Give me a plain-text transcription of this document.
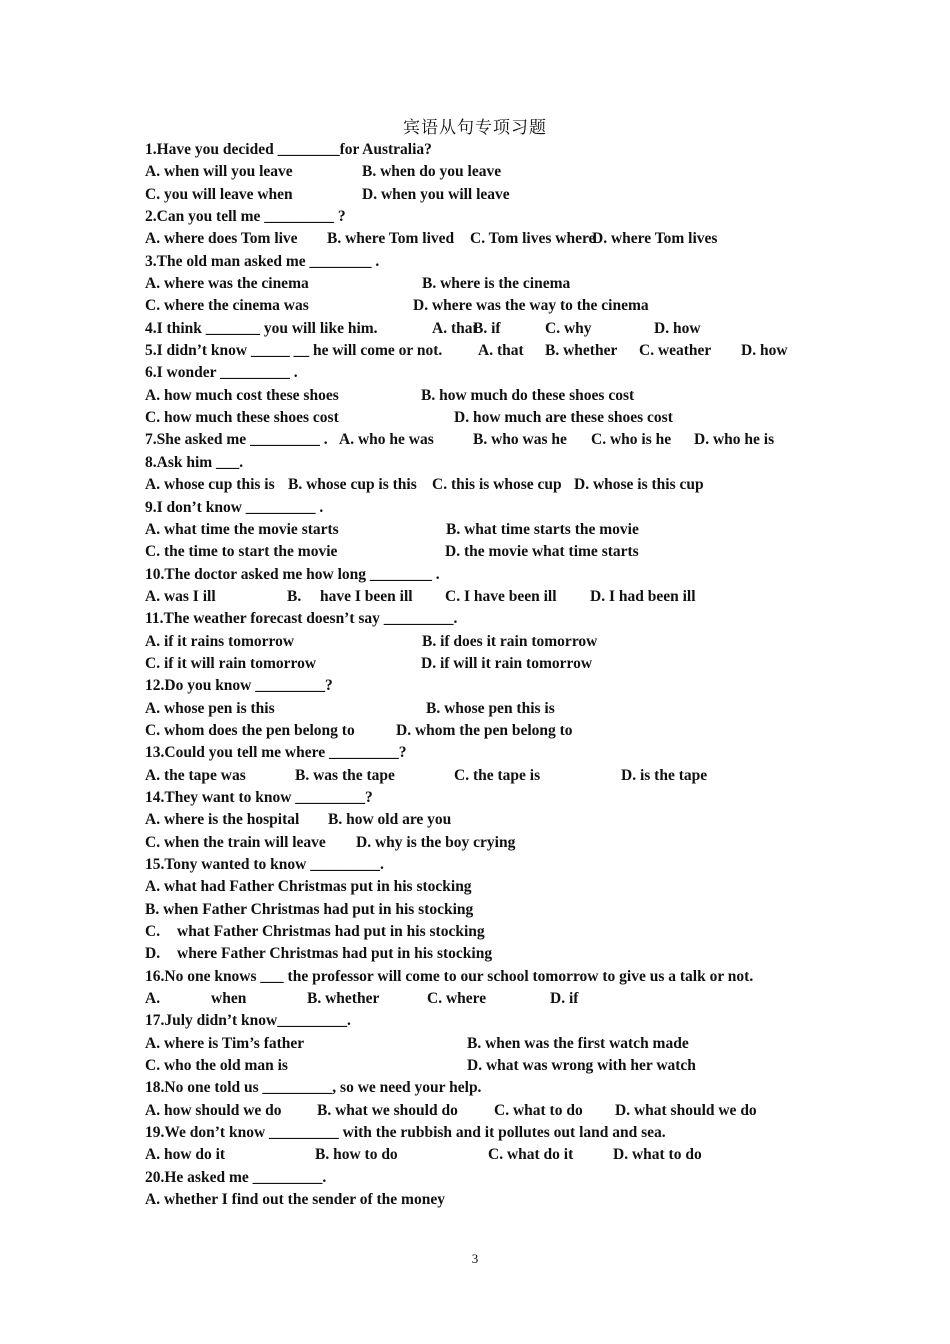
宾语从句专项习题
1.Have you decided ________for Australia?
A. when will you leave	B. when do you leave
C. you will leave when	D. when you will leave
2.Can you tell me _________ ?
A. where does Tom live B. where Tom lived C. Tom lives where
D. where Tom lives
3.The old man asked me ________ .
A. where was the cinema	B. where is the cinema
C. where the cinema was	D. where was the way to the cinema
4.I think _______ you will like him.	A. that
B. if	C. why	D. how
5.I didn’t know _____ __ he will come or not. A. that B. whether C. weather D. how
6.I wonder _________ .
A. how much cost these shoes	B. how much do these shoes cost
C. how much these shoes cost	D. how much are these shoes cost
7.She asked me _________ . A. who he was	B. who was he C. who is he D. who he is
8.Ask him ___.
A. whose cup this is B. whose cup is this C. this is whose cup D. whose is this cup
9.I don’t know _________ .
A. what time the movie starts	B. what time starts the movie
C. the time to start the movie	D. the movie what time starts
10.The doctor asked me how long ________ .
A. was I ill	B. have I been ill C. I have been ill D. I had been ill
11.The weather forecast doesn’t say _________.
A. if it rains tomorrow	B. if does it rain tomorrow
C. if it will rain tomorrow	D. if will it rain tomorrow
12.Do you know _________?
A. whose pen is this	B. whose pen this is
C. whom does the pen belong to	D. whom the pen belong to
13.Could you tell me where _________?
A. the tape was	B. was the tape	C. the tape is	D. is the tape
14.They want to know _________?
A. where is the hospital B. how old are you
C. when the train will leave D. why is the boy crying
15.Tony wanted to know _________.
A. what had Father Christmas put in his stocking
B. when Father Christmas had put in his stocking
C. what Father Christmas had put in his stocking
D. where Father Christmas had put in his stocking
16.No one knows ___ the professor will come to our school tomorrow to give us a talk or not.
A.	when	B. whether	C. where	D. if
17.July didn’t know_________.
A. where is Tim’s father	B. when was the first watch made
C. who the old man is	D. what was wrong with her watch
18.No one told us _________, so we need your help.
A. how should we do B. what we should do C. what to do D. what should we do
19.We don’t know _________ with the rubbish and it pollutes out land and sea.
A. how do it	B. how to do	C. what do it	D. what to do
20.He asked me _________.
A. whether I find out the sender of the money
3
